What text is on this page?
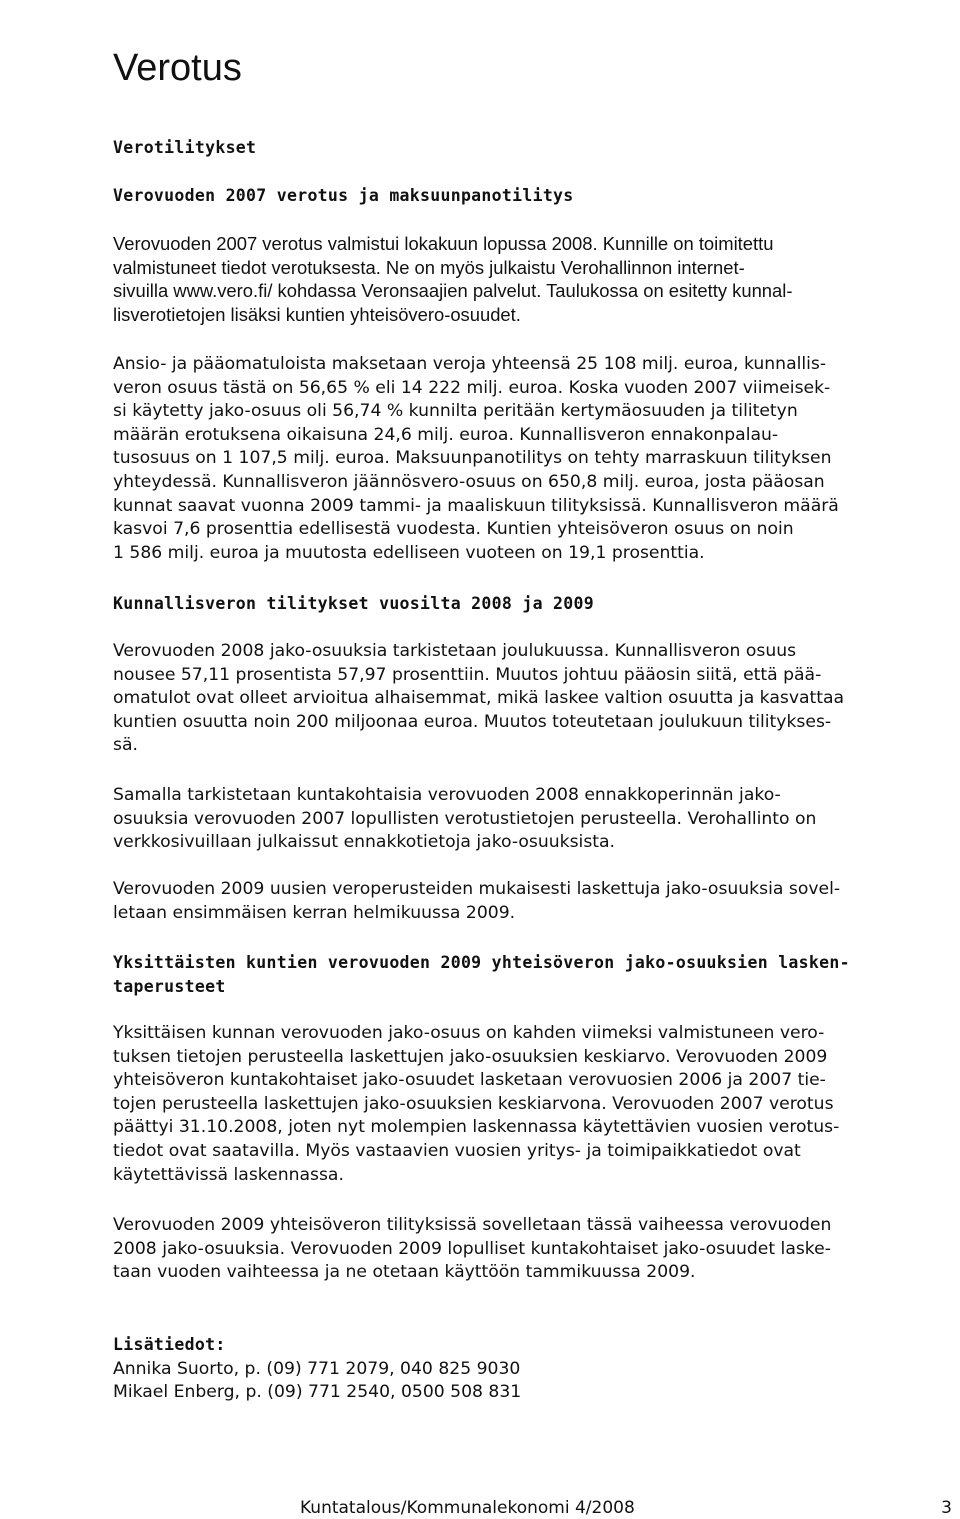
Verotus
Verotilitykset
Verovuoden 2007 verotus ja maksuunpanotilitys
Verovuoden 2007 verotus valmistui lokakuun lopussa 2008. Kunnille on toimitettu
valmistuneet tiedot verotuksesta. Ne on myös julkaistu Verohallinnon internet-
sivuilla www.vero.fi/ kohdassa Veronsaajien palvelut. Taulukossa on esitetty kunnal-
lisverotietojen lisäksi kuntien yhteisövero-osuudet.
Ansio- ja pääomatuloista maksetaan veroja yhteensä 25 108 milj. euroa, kunnallis-
veron osuus tästä on 56,65 % eli 14 222 milj. euroa. Koska vuoden 2007 viimeisek-
si käytetty jako-osuus oli 56,74 % kunnilta peritään kertymäosuuden ja tilitetyn
määrän erotuksena oikaisuna 24,6 milj. euroa. Kunnallisveron ennakonpalau-
tusosuus on 1 107,5 milj. euroa. Maksuunpanotilitys on tehty marraskuun tilityksen
yhteydessä. Kunnallisveron jäännösvero-osuus on 650,8 milj. euroa, josta pääosan
kunnat saavat vuonna 2009 tammi- ja maaliskuun tilityksissä. Kunnallisveron määrä
kasvoi 7,6 prosenttia edellisestä vuodesta. Kuntien yhteisöveron osuus on noin
1 586 milj. euroa ja muutosta edelliseen vuoteen on 19,1 prosenttia.
Kunnallisveron tilitykset vuosilta 2008 ja 2009
Verovuoden 2008 jako-osuuksia tarkistetaan joulukuussa. Kunnallisveron osuus
nousee 57,11 prosentista 57,97 prosenttiin. Muutos johtuu pääosin siitä, että pää-
omatulot ovat olleet arvioitua alhaisemmat, mikä laskee valtion osuutta ja kasvattaa
kuntien osuutta noin 200 miljoonaa euroa. Muutos toteutetaan joulukuun tilitykses-
sä.
Samalla tarkistetaan kuntakohtaisia verovuoden 2008 ennakkoperinnän jako-
osuuksia verovuoden 2007 lopullisten verotustietojen perusteella. Verohallinto on
verkkosivuillaan julkaissut ennakkotietoja jako-osuuksista.
Verovuoden 2009 uusien veroperusteiden mukaisesti laskettuja jako-osuuksia sovel-
letaan ensimmäisen kerran helmikuussa 2009.
Yksittäisten kuntien verovuoden 2009 yhteisöveron jako-osuuksien lasken-
taperusteet
Yksittäisen kunnan verovuoden jako-osuus on kahden viimeksi valmistuneen vero-
tuksen tietojen perusteella laskettujen jako-osuuksien keskiarvo. Verovuoden 2009
yhteisöveron kuntakohtaiset jako-osuudet lasketaan verovuosien 2006 ja 2007 tie-
tojen perusteella laskettujen jako-osuuksien keskiarvona. Verovuoden 2007 verotus
päättyi 31.10.2008, joten nyt molempien laskennassa käytettävien vuosien verotus-
tiedot ovat saatavilla. Myös vastaavien vuosien yritys- ja toimipaikkatiedot ovat
käytettävissä laskennassa.
Verovuoden 2009 yhteisöveron tilityksissä sovelletaan tässä vaiheessa verovuoden
2008 jako-osuuksia. Verovuoden 2009 lopulliset kuntakohtaiset jako-osuudet laske-
taan vuoden vaihteessa ja ne otetaan käyttöön tammikuussa 2009.
Lisätiedot:
Annika Suorto, p. (09) 771 2079, 040 825 9030
Mikael Enberg, p. (09) 771 2540, 0500 508 831
Kuntatalous/Kommunalekonomi 4/2008	3
